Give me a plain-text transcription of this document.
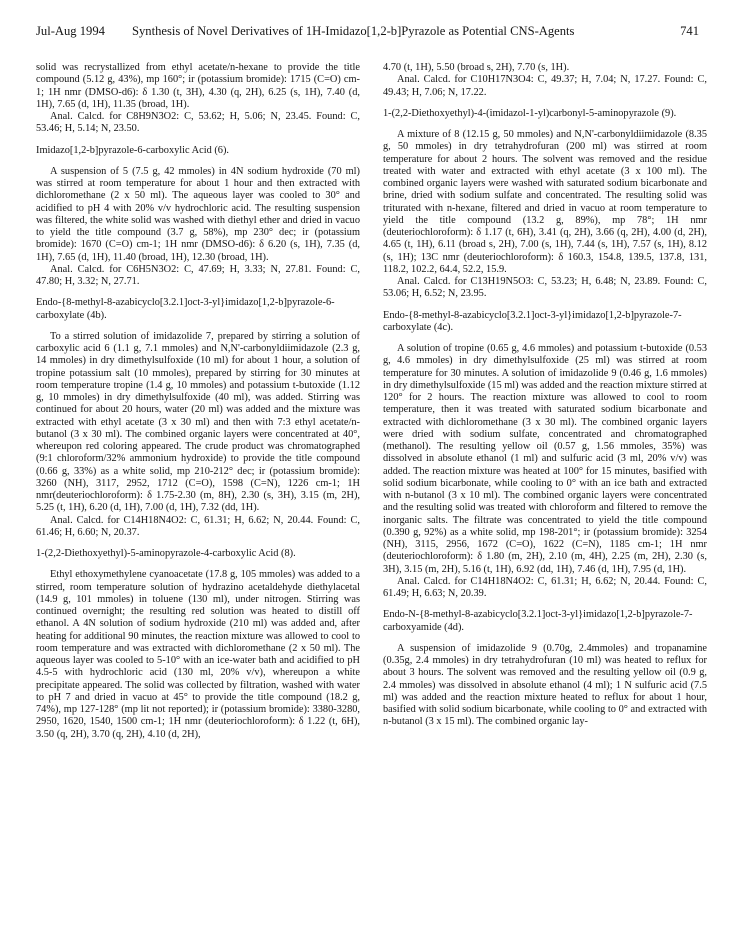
Jul-Aug 1994 Synthesis of Novel Derivatives of 1H-Imidazo[1,2-b]Pyrazole as Potential CNS-Agents	741

solid was recrystallized from ethyl acetate/n-hexane to provide the title compound (5.12 g, 43%), mp 160°; ir (potassium bromide): 1715 (C=O) cm-1; 1H nmr (DMSO-d6): δ 1.30 (t, 3H), 4.30 (q, 2H), 6.25 (s, 1H), 7.40 (d, 1H), 7.65 (d, 1H), 11.35 (broad, 1H).

Anal. Calcd. for C8H9N3O2: C, 53.62; H, 5.06; N, 23.45. Found: C, 53.46; H, 5.14; N, 23.50.

Imidazo[1,2-b]pyrazole-6-carboxylic Acid (6).

A suspension of 5 (7.5 g, 42 mmoles) in 4N sodium hydroxide (70 ml) was stirred at room temperature for about 1 hour and then extracted with dichloromethane (2 x 50 ml). The aqueous layer was cooled to 30° and acidified to pH 4 with 20% v/v hydrochloric acid. The resulting suspension was filtered, the white solid was washed with diethyl ether and dried in vacuo to yield the title compound (3.7 g, 58%), mp 230° dec; ir (potassium bromide): 1670 (C=O) cm-1; 1H nmr (DMSO-d6): δ 6.20 (s, 1H), 7.35 (d, 1H), 7.65 (d, 1H), 11.40 (broad, 1H), 12.30 (broad, 1H).

Anal. Calcd. for C6H5N3O2: C, 47.69; H, 3.33; N, 27.81. Found: C, 47.80; H, 3.32; N, 27.71.

Endo-{8-methyl-8-azabicyclo[3.2.1]oct-3-yl}imidazo[1,2-b]pyrazole-6-carboxylate (4b).

To a stirred solution of imidazolide 7, prepared by stirring a solution of carboxylic acid 6 (1.1 g, 7.1 mmoles) and N,N'-carbonyldiimidazole (2.3 g, 14 mmoles) in dry dimethylsulfoxide (10 ml) for about 1 hour, a solution of tropine potassium salt (10 mmoles), prepared by stirring for 30 minutes at room temperature tropine (1.4 g, 10 mmoles) and potassium t-butoxide (1.12 g, 10 mmoles) in dry dimethylsulfoxide (40 ml), was added. Stirring was continued for about 20 hours, water (20 ml) was added and the mixture was extracted with ethyl acetate (3 x 30 ml) and then with 7:3 ethyl acetate/n-butanol (3 x 30 ml). The combined organic layers were concentrated at 40°, whereupon red coloring appeared. The crude product was chromatographed (9:1 chloroform/32% ammonium hydroxide) to provide the title compound (0.66 g, 33%) as a white solid, mp 210-212° dec; ir (potassium bromide): 3260 (NH), 3117, 2952, 1712 (C=O), 1598 (C=N), 1226 cm-1; 1H nmr(deuteriochloroform): δ 1.75-2.30 (m, 8H), 2.30 (s, 3H), 3.15 (m, 2H), 5.25 (t, 1H), 6.20 (d, 1H), 7.00 (d, 1H), 7.32 (dd, 1H).

Anal. Calcd. for C14H18N4O2: C, 61.31; H, 6.62; N, 20.44. Found: C, 61.46; H, 6.60; N, 20.37.

1-(2,2-Diethoxyethyl)-5-aminopyrazole-4-carboxylic Acid (8).

Ethyl ethoxymethylene cyanoacetate (17.8 g, 105 mmoles) was added to a stirred, room temperature solution of hydrazino acetaldehyde diethylacetal (14.9 g, 101 mmoles) in toluene (130 ml), under nitrogen. Stirring was continued overnight; the resulting red solution was heated to distill off ethanol. A 4N solution of sodium hydroxide (210 ml) was added and, after heating for additional 90 minutes, the reaction mixture was allowed to cool to room temperature and was extracted with dichloromethane (2 x 50 ml). The aqueous layer was cooled to 5-10° with an ice-water bath and acidified to pH 4.5-5 with hydrochloric acid (130 ml, 20% v/v), whereupon a white precipitate appeared. The solid was collected by filtration, washed with water to pH 7 and dried in vacuo at 45° to provide the title compound (18.2 g, 74%), mp 127-128° (mp lit not reported); ir (potassium bromide): 3380-3280, 2950, 1620, 1540, 1500 cm-1; 1H nmr (deuteriochloroform): δ 1.22 (t, 6H), 3.50 (q, 2H), 3.70 (q, 2H), 4.10 (d, 2H),

4.70 (t, 1H), 5.50 (broad s, 2H), 7.70 (s, 1H).

Anal. Calcd. for C10H17N3O4: C, 49.37; H, 7.04; N, 17.27. Found: C, 49.43; H, 7.06; N, 17.22.

1-(2,2-Diethoxyethyl)-4-(imidazol-1-yl)carbonyl-5-aminopyrazole (9).

A mixture of 8 (12.15 g, 50 mmoles) and N,N'-carbonyldiimidazole (8.35 g, 50 mmoles) in dry tetrahydrofuran (200 ml) was stirred at room temperature for about 2 hours. The solvent was removed and the residue treated with water and extracted with ethyl acetate (3 x 100 ml). The combined organic layers were washed with saturated sodium bicarbonate and brine, dried with sodium sulfate and concentrated. The resulting solid was triturated with n-hexane, filtered and dried in vacuo at room temperature to yield the title compound (13.2 g, 89%), mp 78°; 1H nmr (deuteriochloroform): δ 1.17 (t, 6H), 3.41 (q, 2H), 3.66 (q, 2H), 4.00 (d, 2H), 4.65 (t, 1H), 6.11 (broad s, 2H), 7.00 (s, 1H), 7.44 (s, 1H), 7.57 (s, 1H), 8.12 (s, 1H); 13C nmr (deuteriochloroform): δ 160.3, 154.8, 139.5, 137.8, 131, 118.2, 102.2, 64.4, 52.2, 15.9.

Anal. Calcd. for C13H19N5O3: C, 53.23; H, 6.48; N, 23.89. Found: C, 53.06; H, 6.52; N, 23.95.

Endo-{8-methyl-8-azabicyclo[3.2.1]oct-3-yl}imidazo[1,2-b]pyrazole-7-carboxylate (4c).

A solution of tropine (0.65 g, 4.6 mmoles) and potassium t-butoxide (0.53 g, 4.6 mmoles) in dry dimethylsulfoxide (25 ml) was stirred at room temperature for 30 minutes. A solution of imidazolide 9 (0.46 g, 1.6 mmoles) in dry dimethylsulfoxide (15 ml) was added and the reaction mixture stirred at 120° for 2 hours. The reaction mixture was allowed to cool to room temperature, then it was treated with saturated sodium bicarbonate and extracted with dichloromethane (3 x 30 ml). The combined organic layers were dried with sodium sulfate, concentrated and chromatographed (methanol). The resulting yellow oil (0.57 g, 1.56 mmoles, 35%) was dissolved in absolute ethanol (1 ml) and sulfuric acid (3 ml, 20% v/v) was added. The reaction mixture was heated at 100° for 15 minutes, basified with solid sodium bicarbonate, while cooling to 0° with an ice bath and extracted with n-butanol (3 x 10 ml). The combined organic layers were concentrated and the resulting solid was treated with chloroform and filtered to remove the inorganic salts. The filtrate was concentrated to yield the title compound (0.390 g, 92%) as a white solid, mp 198-201°; ir (potassium bromide): 3254 (NH), 3115, 2956, 1672 (C=O), 1622 (C=N), 1185 cm-1; 1H nmr (deuteriochloroform): δ 1.80 (m, 2H), 2.10 (m, 4H), 2.25 (m, 2H), 2.30 (s, 3H), 3.15 (m, 2H), 5.16 (t, 1H), 6.92 (dd, 1H), 7.46 (d, 1H), 7.95 (d, 1H).

Anal. Calcd. for C14H18N4O2: C, 61.31; H, 6.62; N, 20.44. Found: C, 61.49; H, 6.63; N, 20.39.

Endo-N-{8-methyl-8-azabicyclo[3.2.1]oct-3-yl}imidazo[1,2-b]pyrazole-7-carboxyamide (4d).

A suspension of imidazolide 9 (0.70g, 2.4mmoles) and tropanamine (0.35g, 2.4 mmoles) in dry tetrahydrofuran (10 ml) was heated to reflux for about 3 hours. The solvent was removed and the resulting yellow oil (0.9 g, 2.4 mmoles) was dissolved in absolute ethanol (4 ml); 1 N sulfuric acid (7.5 ml) was added and the reaction mixture heated to reflux for about 1 hour, basified with solid sodium bicarbonate, while cooling to 0° and extracted with n-butanol (3 x 15 ml). The combined organic lay-
